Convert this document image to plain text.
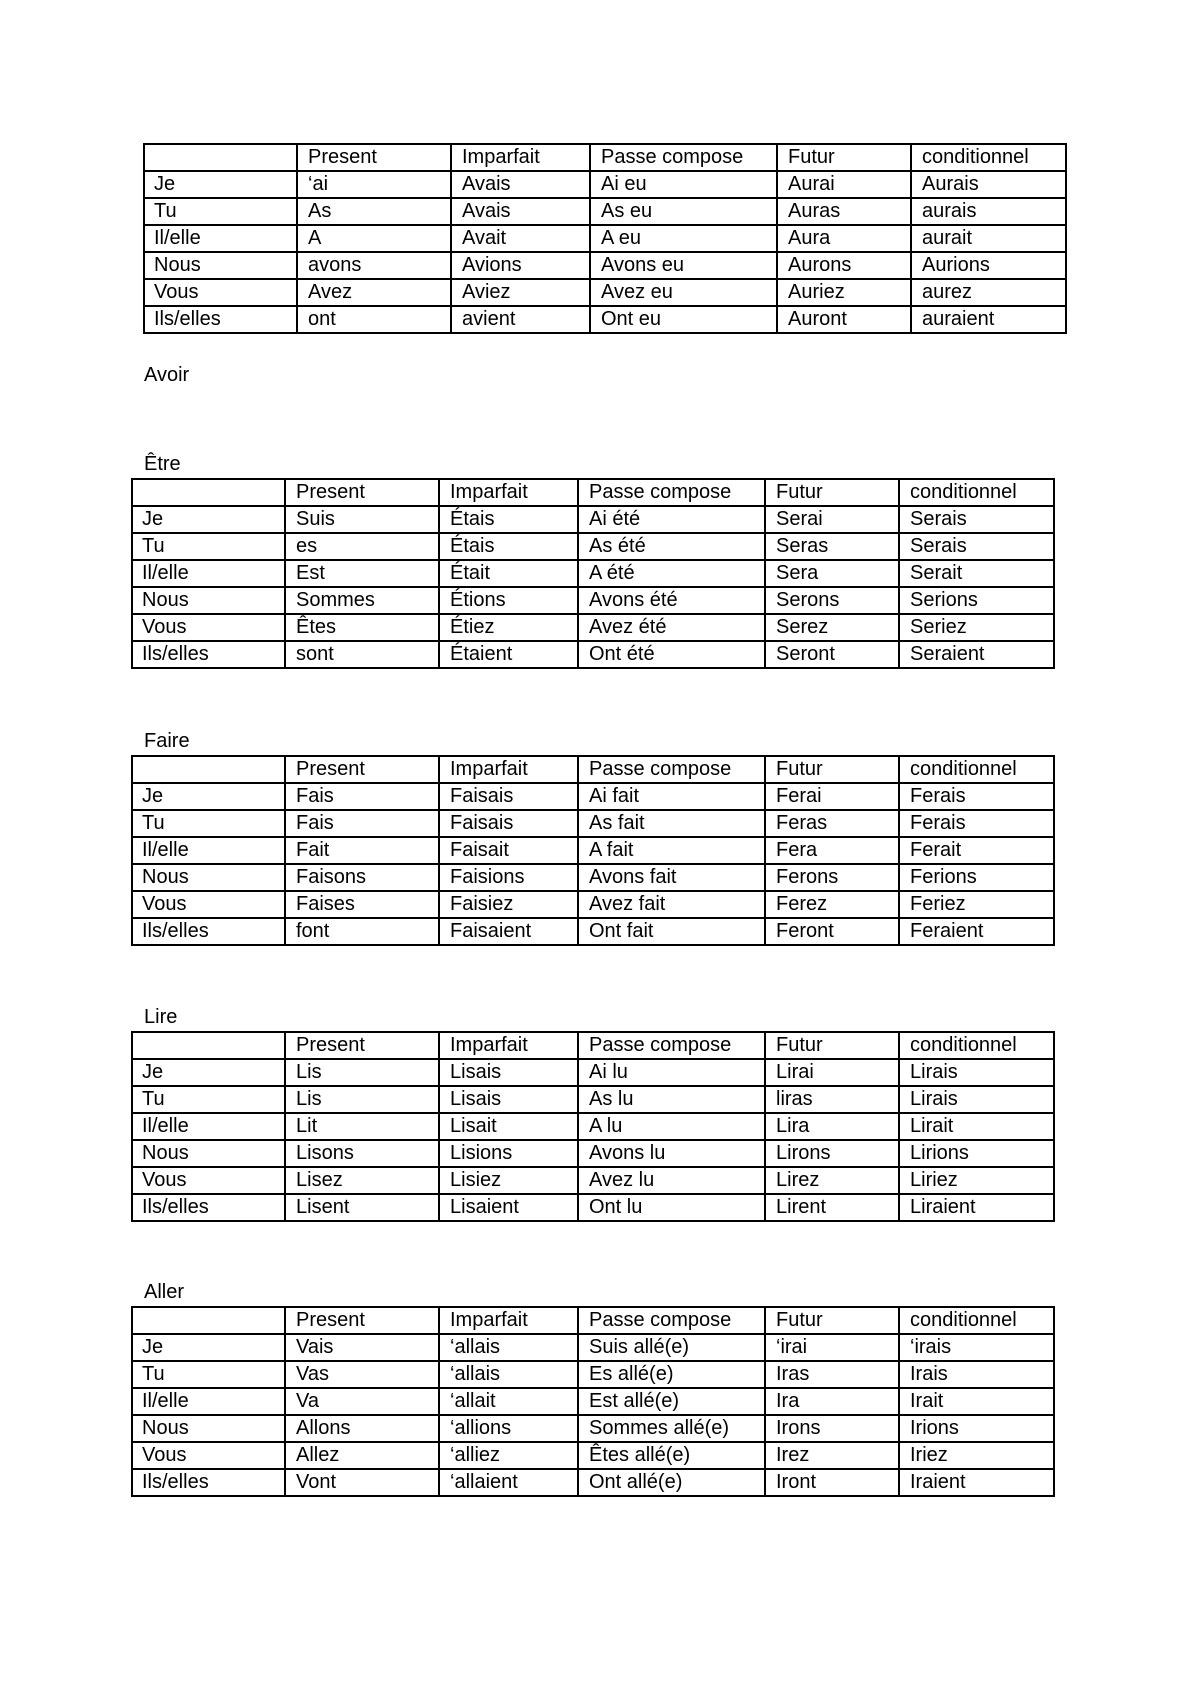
	Present	Imparfait	Passe compose	Futur	conditionnel
Je	‘ai	Avais	Ai eu	Aurai	Aurais
Tu	As	Avais	As eu	Auras	aurais
Il/elle	A	Avait	A eu	Aura	aurait
Nous	avons	Avions	Avons eu	Aurons	Aurions
Vous	Avez	Aviez	Avez eu	Auriez	aurez
Ils/elles	ont	avient	Ont eu	Auront	auraient
Avoir
Être
	Present	Imparfait	Passe compose	Futur	conditionnel
Je	Suis	Étais	Ai été	Serai	Serais
Tu	es	Étais	As été	Seras	Serais
Il/elle	Est	Était	A été	Sera	Serait
Nous	Sommes	Étions	Avons été	Serons	Serions
Vous	Êtes	Étiez	Avez été	Serez	Seriez
Ils/elles	sont	Étaient	Ont été	Seront	Seraient
Faire
	Present	Imparfait	Passe compose	Futur	conditionnel
Je	Fais	Faisais	Ai fait	Ferai	Ferais
Tu	Fais	Faisais	As fait	Feras	Ferais
Il/elle	Fait	Faisait	A fait	Fera	Ferait
Nous	Faisons	Faisions	Avons fait	Ferons	Ferions
Vous	Faises	Faisiez	Avez fait	Ferez	Feriez
Ils/elles	font	Faisaient	Ont fait	Feront	Feraient
Lire
	Present	Imparfait	Passe compose	Futur	conditionnel
Je	Lis	Lisais	Ai lu	Lirai	Lirais
Tu	Lis	Lisais	As lu	liras	Lirais
Il/elle	Lit	Lisait	A lu	Lira	Lirait
Nous	Lisons	Lisions	Avons lu	Lirons	Lirions
Vous	Lisez	Lisiez	Avez lu	Lirez	Liriez
Ils/elles	Lisent	Lisaient	Ont lu	Lirent	Liraient
Aller
	Present	Imparfait	Passe compose	Futur	conditionnel
Je	Vais	‘allais	Suis allé(e)	‘irai	‘irais
Tu	Vas	‘allais	Es allé(e)	Iras	Irais
Il/elle	Va	‘allait	Est allé(e)	Ira	Irait
Nous	Allons	‘allions	Sommes allé(e)	Irons	Irions
Vous	Allez	‘alliez	Êtes allé(e)	Irez	Iriez
Ils/elles	Vont	‘allaient	Ont allé(e)	Iront	Iraient
